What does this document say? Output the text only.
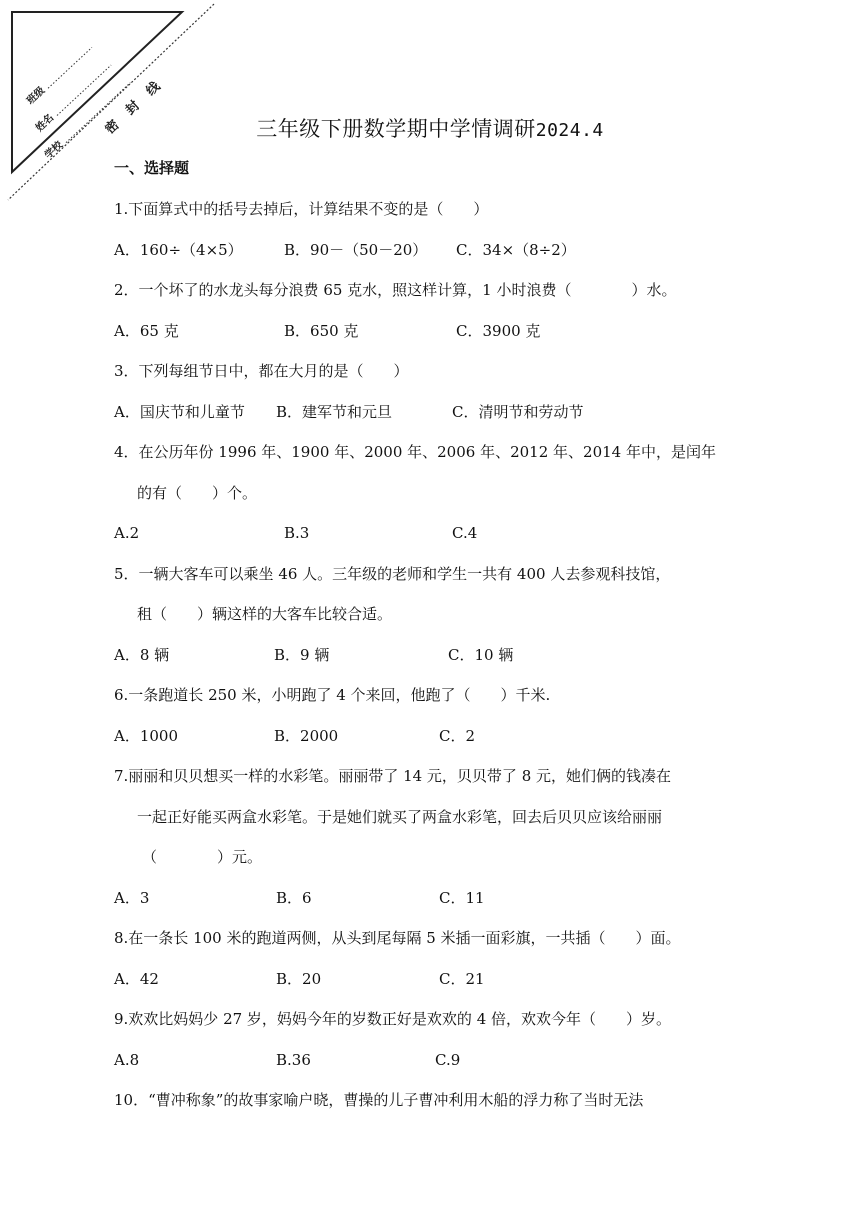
班级
姓名
学校
密
封
线
三年级下册数学期中学情调研2024.4
一、选择题
1.下面算式中的括号去掉后，计算结果不变的是（　　）
A．160÷（4×5）	B．90－（50－20） C．34×（8÷2）
2．一个坏了的水龙头每分浪费 65 克水，照这样计算，1 小时浪费（　　　　）水。
A．65 克	B．650 克	C．3900 克
3．下列每组节日中，都在大月的是（　　）
A．国庆节和儿童节 B．建军节和元旦	C．清明节和劳动节
4．在公历年份 1996 年、1900 年、2000 年、2006 年、2012 年、2014 年中，是闰年
的有（　　）个。
A.2	B.3	C.4
5．一辆大客车可以乘坐 46 人。三年级的老师和学生一共有 400 人去参观科技馆，
租（　　）辆这样的大客车比较合适。
A．8 辆	B．9 辆	C．10 辆
6.一条跑道长 250 米，小明跑了 4 个来回，他跑了（　　）千米.
A．1000	B．2000	C．2
7.丽丽和贝贝想买一样的水彩笔。丽丽带了 14 元，贝贝带了 8 元，她们俩的钱凑在
一起正好能买两盒水彩笔。于是她们就买了两盒水彩笔，回去后贝贝应该给丽丽
（　　　　）元。
A．3	B．6	C．11
8.在一条长 100 米的跑道两侧，从头到尾每隔 5 米插一面彩旗，一共插（　　）面。
A．42	B．20	C．21
9.欢欢比妈妈少 27 岁，妈妈今年的岁数正好是欢欢的 4 倍，欢欢今年（　　）岁。
A.8	B.36	C.9
10．“曹冲称象”的故事家喻户晓，曹操的儿子曹冲利用木船的浮力称了当时无法
